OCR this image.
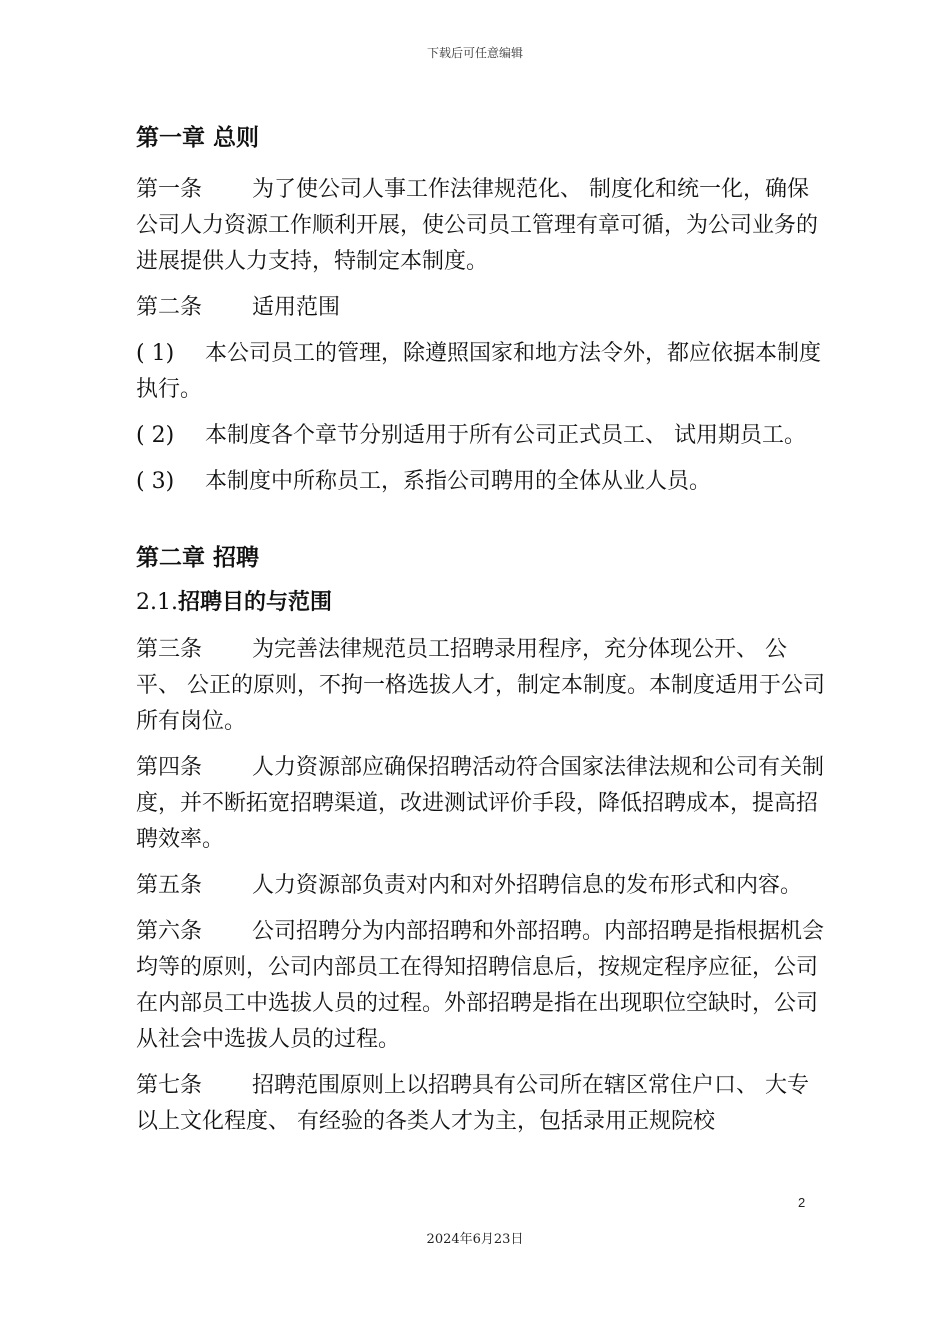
下载后可任意编辑
第一章 总则

第一条 为了使公司人事工作法律规范化、 制度化和统一化，确保公司人力资源工作顺利开展，使公司员工管理有章可循，为公司业务的进展提供人力支持，特制定本制度。

第二条 适用范围

( 1) 本公司员工的管理，除遵照国家和地方法令外，都应依据本制度执行。

( 2) 本制度各个章节分别适用于所有公司正式员工、 试用期员工。

( 3) 本制度中所称员工，系指公司聘用的全体从业人员。

第二章 招聘
2.1.招聘目的与范围

第三条 为完善法律规范员工招聘录用程序，充分体现公开、 公平、 公正的原则，不拘一格选拔人才，制定本制度。本制度适用于公司所有岗位。

第四条 人力资源部应确保招聘活动符合国家法律法规和公司有关制度，并不断拓宽招聘渠道，改进测试评价手段，降低招聘成本，提高招聘效率。

第五条 人力资源部负责对内和对外招聘信息的发布形式和内容。

第六条 公司招聘分为内部招聘和外部招聘。内部招聘是指根据机会均等的原则，公司内部员工在得知招聘信息后，按规定程序应征，公司在内部员工中选拔人员的过程。外部招聘是指在出现职位空缺时，公司从社会中选拔人员的过程。

第七条 招聘范围原则上以招聘具有公司所在辖区常住户口、 大专以上文化程度、 有经验的各类人才为主，包括录用正规院校

2
2024年6月23日
